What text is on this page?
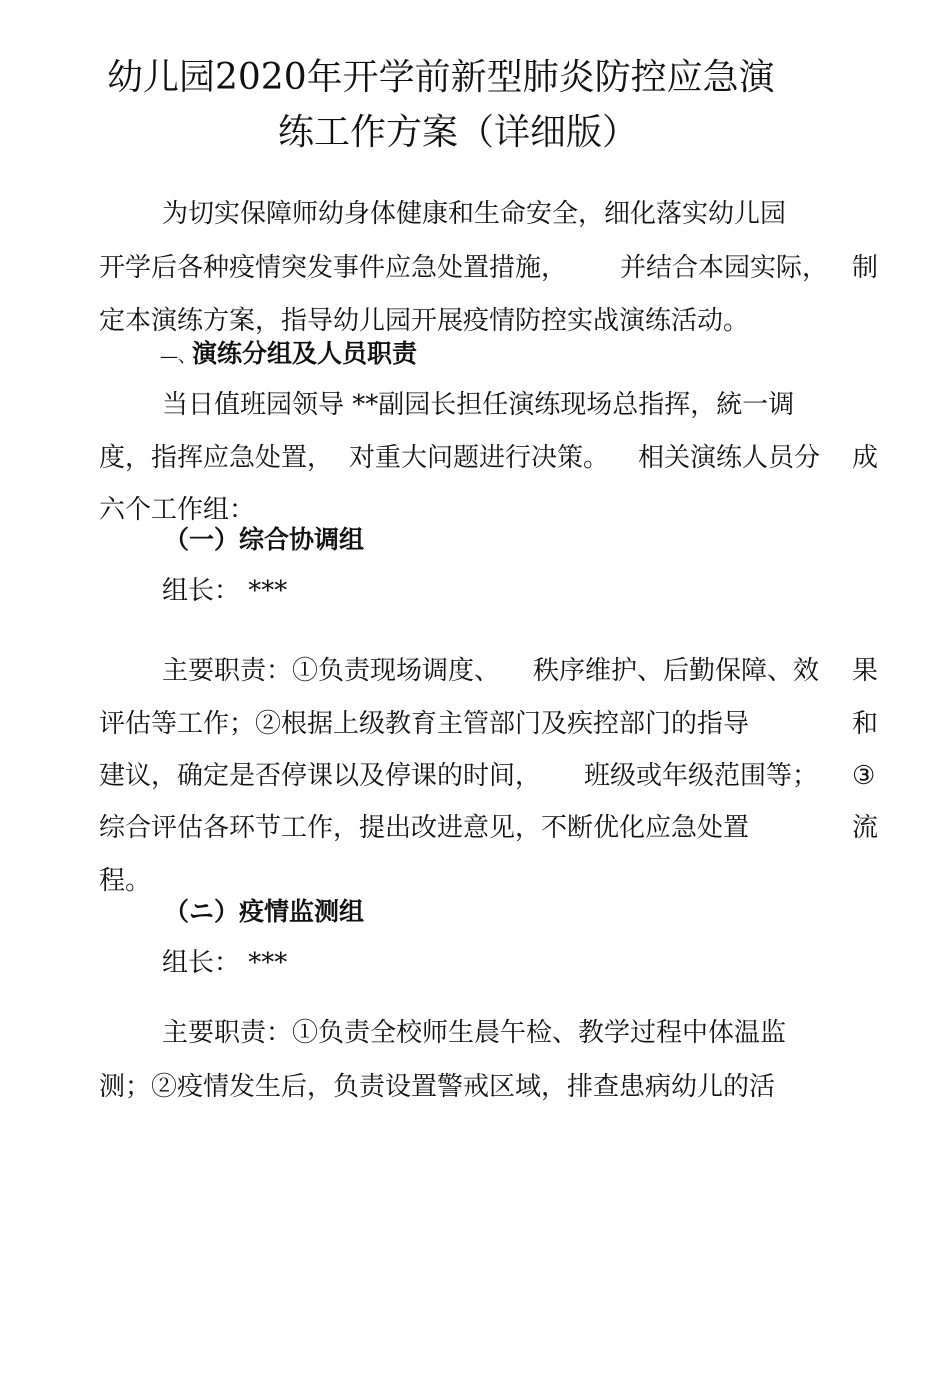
幼儿园2020年开学前新型肺炎防控应急演
练工作方案（详细版）
为切实保障师幼身体健康和生命安全，细化落实幼儿园
开学后各种疫情突发事件应急处置措施， 并结合本园实际， 制
定本演练方案，指导幼儿园开展疫情防控实战演练活动。
—、
演练分组及人员职责
当日值班园领导 **副园长担任演练现场总指挥，統一调
度，指挥应急处置， 对重大问题进行决策。 相关演练人员分 成
六个工作组：
（一）综合协调组
组长： ***
主要职责：①负责现场调度、 秩序维护、后勤保障、效 果
评估等工作；②根据上级教育主管部门及疾控部门的指导	和
建议，确定是否停课以及停课的时间， 班级或年级范围等； ③
综合评估各环节工作，提出改进意见，不断优化应急处置	流
程。
（ニ）疫情监测组
组长： ***
主要职责：①负责全校师生晨午检、教学过程中体温监
测；②疫情发生后，负责设置警戒区域，排查患病幼儿的活
